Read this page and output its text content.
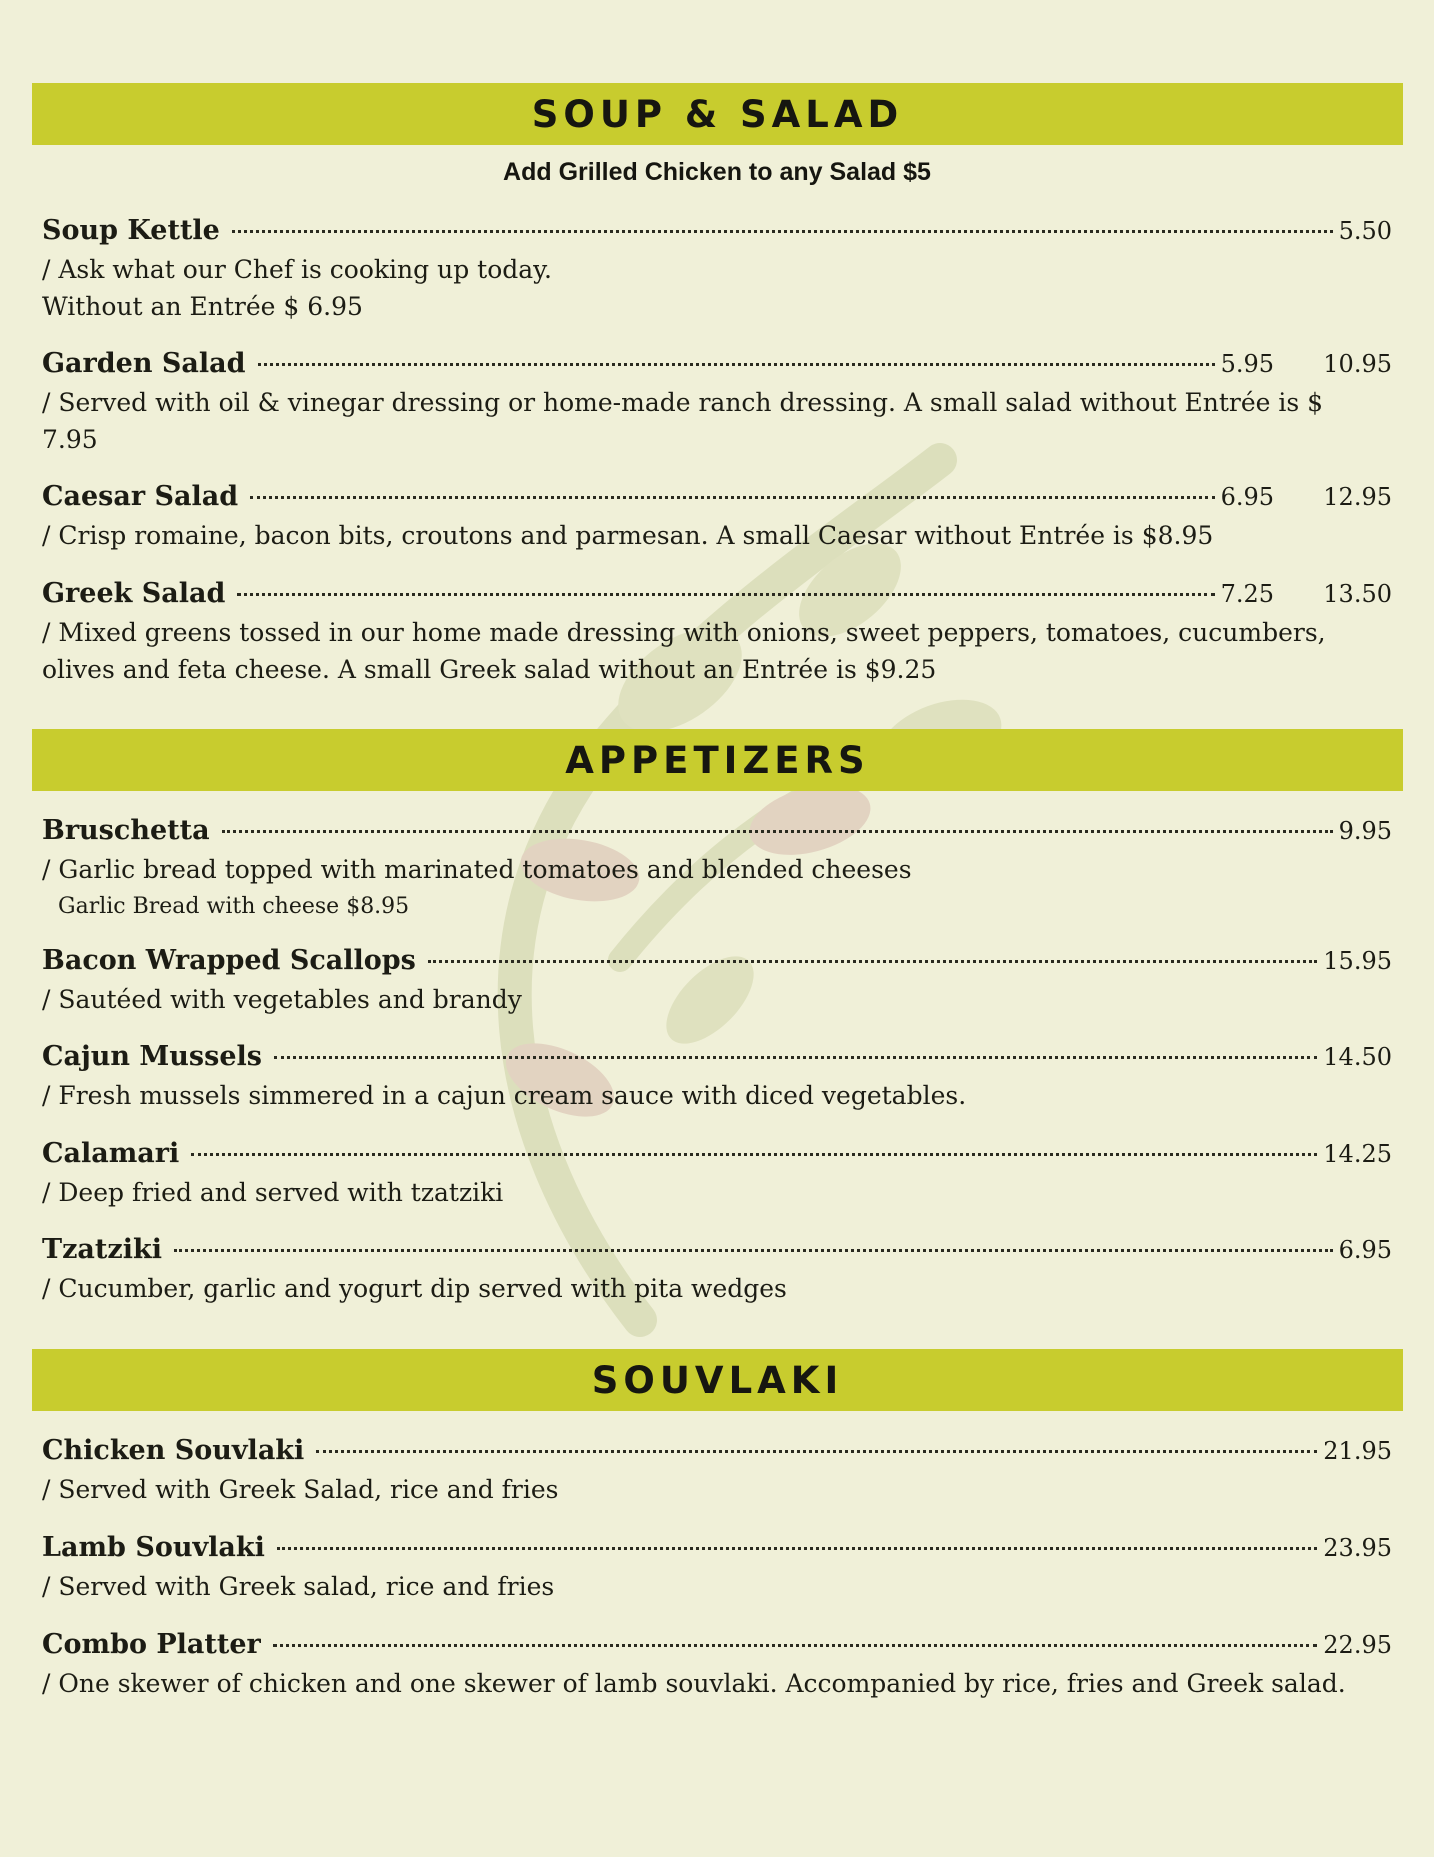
SOUP & SALAD
Add Grilled Chicken to any Salad $5
Soup Kettle	5.50
/ Ask what our Chef is cooking up today.
Without an Entrée $ 6.95
Garden Salad	5.95	10.95
/ Served with oil & vinegar dressing or home-made ranch dressing. A small salad without Entrée is $ 7.95
Caesar Salad	6.95	12.95
/ Crisp romaine, bacon bits, croutons and parmesan. A small Caesar without Entrée is $8.95
Greek Salad	7.25	13.50
/ Mixed greens tossed in our home made dressing with onions, sweet peppers, tomatoes, cucumbers, olives and feta cheese. A small Greek salad without an Entrée is $9.25
APPETIZERS
Bruschetta	9.95
/ Garlic bread topped with marinated tomatoes and blended cheeses
Garlic Bread with cheese $8.95
Bacon Wrapped Scallops	15.95
/ Sautéed with vegetables and brandy
Cajun Mussels	14.50
/ Fresh mussels simmered in a cajun cream sauce with diced vegetables.
Calamari	14.25
/ Deep fried and served with tzatziki
Tzatziki	6.95
/ Cucumber, garlic and yogurt dip served with pita wedges
SOUVLAKI
Chicken Souvlaki	21.95
/ Served with Greek Salad, rice and fries
Lamb Souvlaki	23.95
/ Served with Greek salad, rice and fries
Combo Platter	22.95
/ One skewer of chicken and one skewer of lamb souvlaki. Accompanied by rice, fries and Greek salad.
